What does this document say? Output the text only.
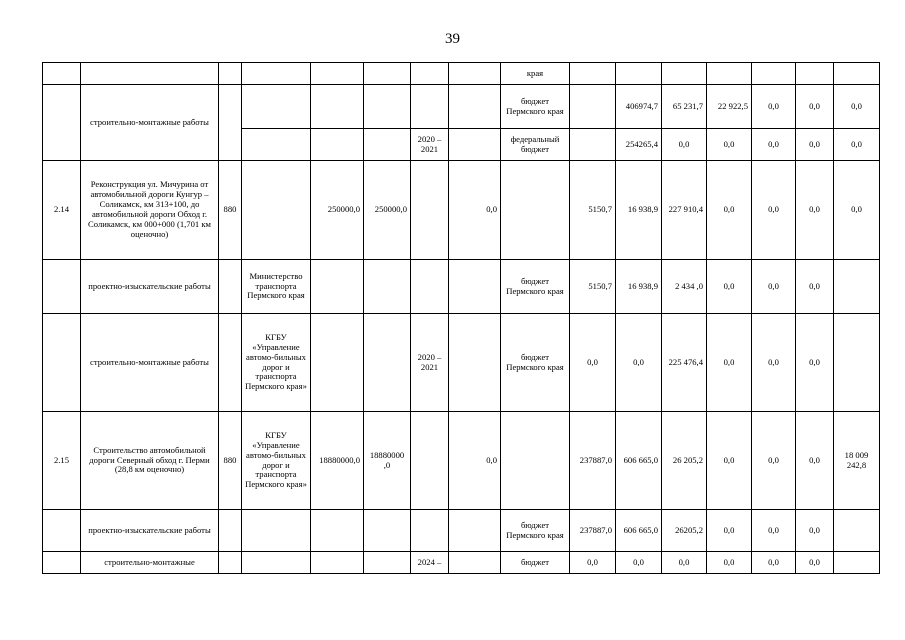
39
								края							
	строительно-монтажные работы							бюджет Пермского края		406974,7	65 231,7	22 922,5	0,0	0,0	0,0
						2020 – 2021		федеральный бюджет		254265,4	0,0	0,0	0,0	0,0	0,0
2.14	Реконструкция ул. Мичурина от автомобильной дороги Кунгур – Соликамск, км 313+100, до автомобильной дороги Обход г. Соликамск, км 000+000 (1,701 км оценочно)	880		250000,0	250000,0		0,0		5150,7	16 938,9	227 910,4	0,0	0,0	0,0	0,0
	проектно-изыскательские работы		Министерство транспорта Пермского края					бюджет Пермского края	5150,7	16 938,9	2 434 ,0	0,0	0,0	0,0	
	строительно-монтажные работы		КГБУ «Управление автомо-бильных дорог и транспорта Пермского края»			2020 – 2021		бюджет Пермского края	0,0	0,0	225 476,4	0,0	0,0	0,0	
2.15	Строительство автомобильной дороги Северный обход г. Перми (28,8 км оценочно)	880	КГБУ «Управление автомо-бильных дорог и транспорта Пермского края»	18880000,0	18880000 ,0		0,0		237887,0	606 665,0	26 205,2	0,0	0,0	0,0	18 009 242,8
	проектно-изыскательские работы							бюджет Пермского края	237887,0	606 665,0	26205,2	0,0	0,0	0,0	
	строительно-монтажные					2024 –		бюджет	0,0	0,0	0,0	0,0	0,0	0,0	
